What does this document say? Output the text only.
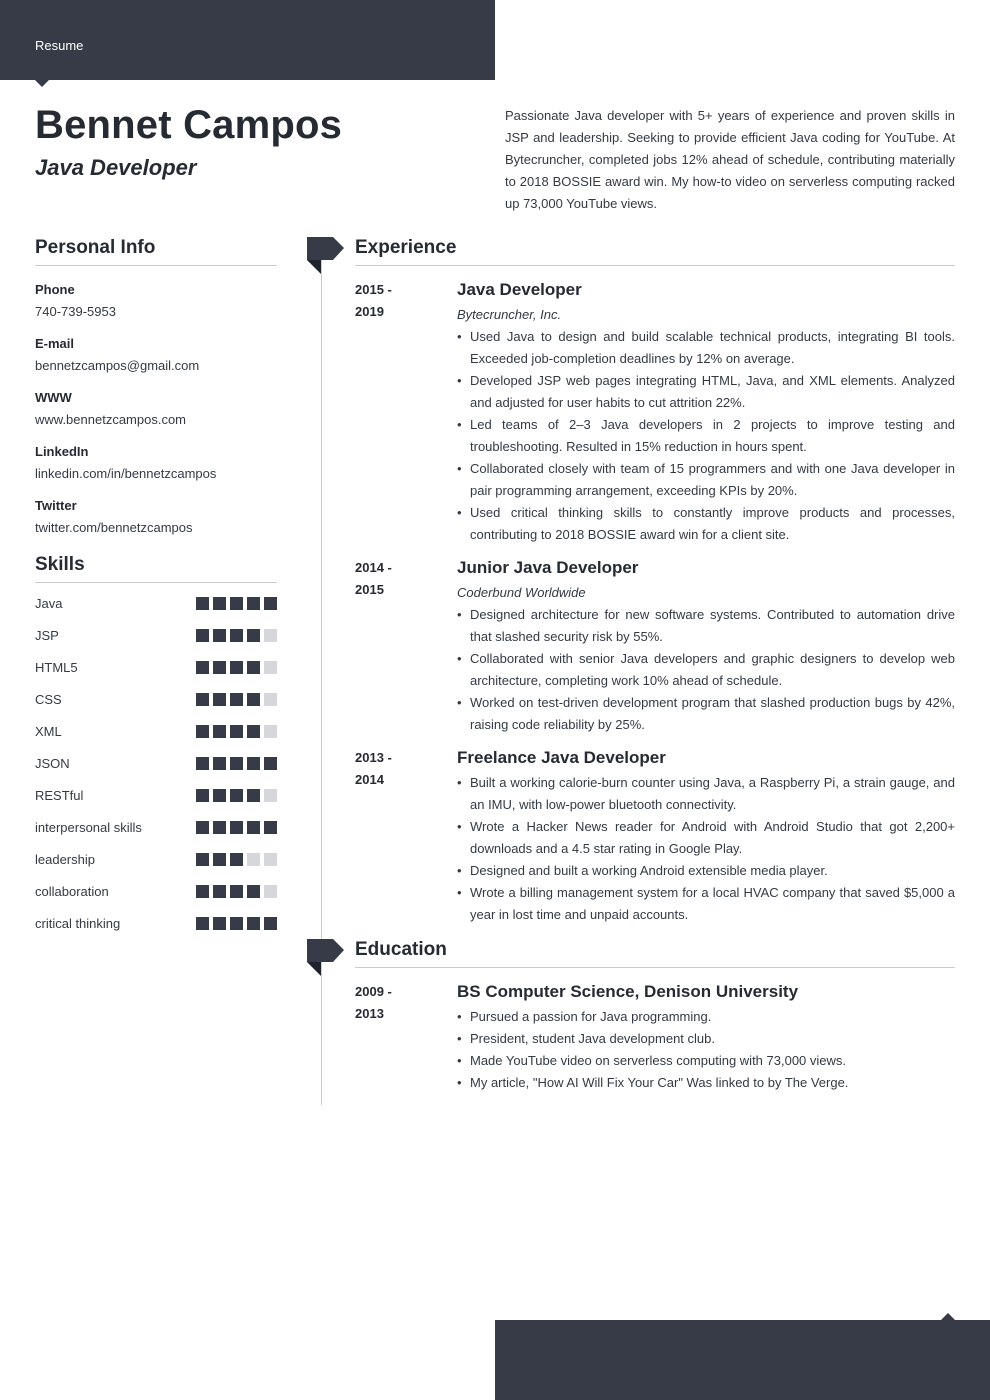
Resume
Bennet Campos
Java Developer

Passionate Java developer with 5+ years of experience and proven skills in JSP and leadership. Seeking to provide efficient Java coding for YouTube. At Bytecruncher, completed jobs 12% ahead of schedule, contributing materially to 2018 BOSSIE award win. My how-to video on serverless computing racked up 73,000 YouTube views.

Personal Info
Phone
740-739-5953
E-mail
bennetzcampos@gmail.com
WWW
www.bennetzcampos.com
LinkedIn
linkedin.com/in/bennetzcampos
Twitter
twitter.com/bennetzcampos
Skills
Java
JSP
HTML5
CSS
XML
JSON
RESTful
interpersonal skills
leadership
collaboration
critical thinking
Experience
2015 -
2019
Java Developer
Bytecruncher, Inc.
• Used Java to design and build scalable technical products, integrating BI tools. Exceeded job-completion deadlines by 12% on average.
• Developed JSP web pages integrating HTML, Java, and XML elements. Analyzed and adjusted for user habits to cut attrition 22%.
• Led teams of 2–3 Java developers in 2 projects to improve testing and troubleshooting. Resulted in 15% reduction in hours spent.
• Collaborated closely with team of 15 programmers and with one Java developer in pair programming arrangement, exceeding KPIs by 20%.
• Used critical thinking skills to constantly improve products and processes, contributing to 2018 BOSSIE award win for a client site.
2014 -
2015
Junior Java Developer
Coderbund Worldwide
• Designed architecture for new software systems. Contributed to automation drive that slashed security risk by 55%.
• Collaborated with senior Java developers and graphic designers to develop web architecture, completing work 10% ahead of schedule.
• Worked on test-driven development program that slashed production bugs by 42%, raising code reliability by 25%.
2013 -
2014
Freelance Java Developer
• Built a working calorie-burn counter using Java, a Raspberry Pi, a strain gauge, and an IMU, with low-power bluetooth connectivity.
• Wrote a Hacker News reader for Android with Android Studio that got 2,200+ downloads and a 4.5 star rating in Google Play.
• Designed and built a working Android extensible media player.
• Wrote a billing management system for a local HVAC company that saved $5,000 a year in lost time and unpaid accounts.
Education
2009 -
2013
BS Computer Science, Denison University
• Pursued a passion for Java programming.
• President, student Java development club.
• Made YouTube video on serverless computing with 73,000 views.
• My article, "How AI Will Fix Your Car" Was linked to by The Verge.
